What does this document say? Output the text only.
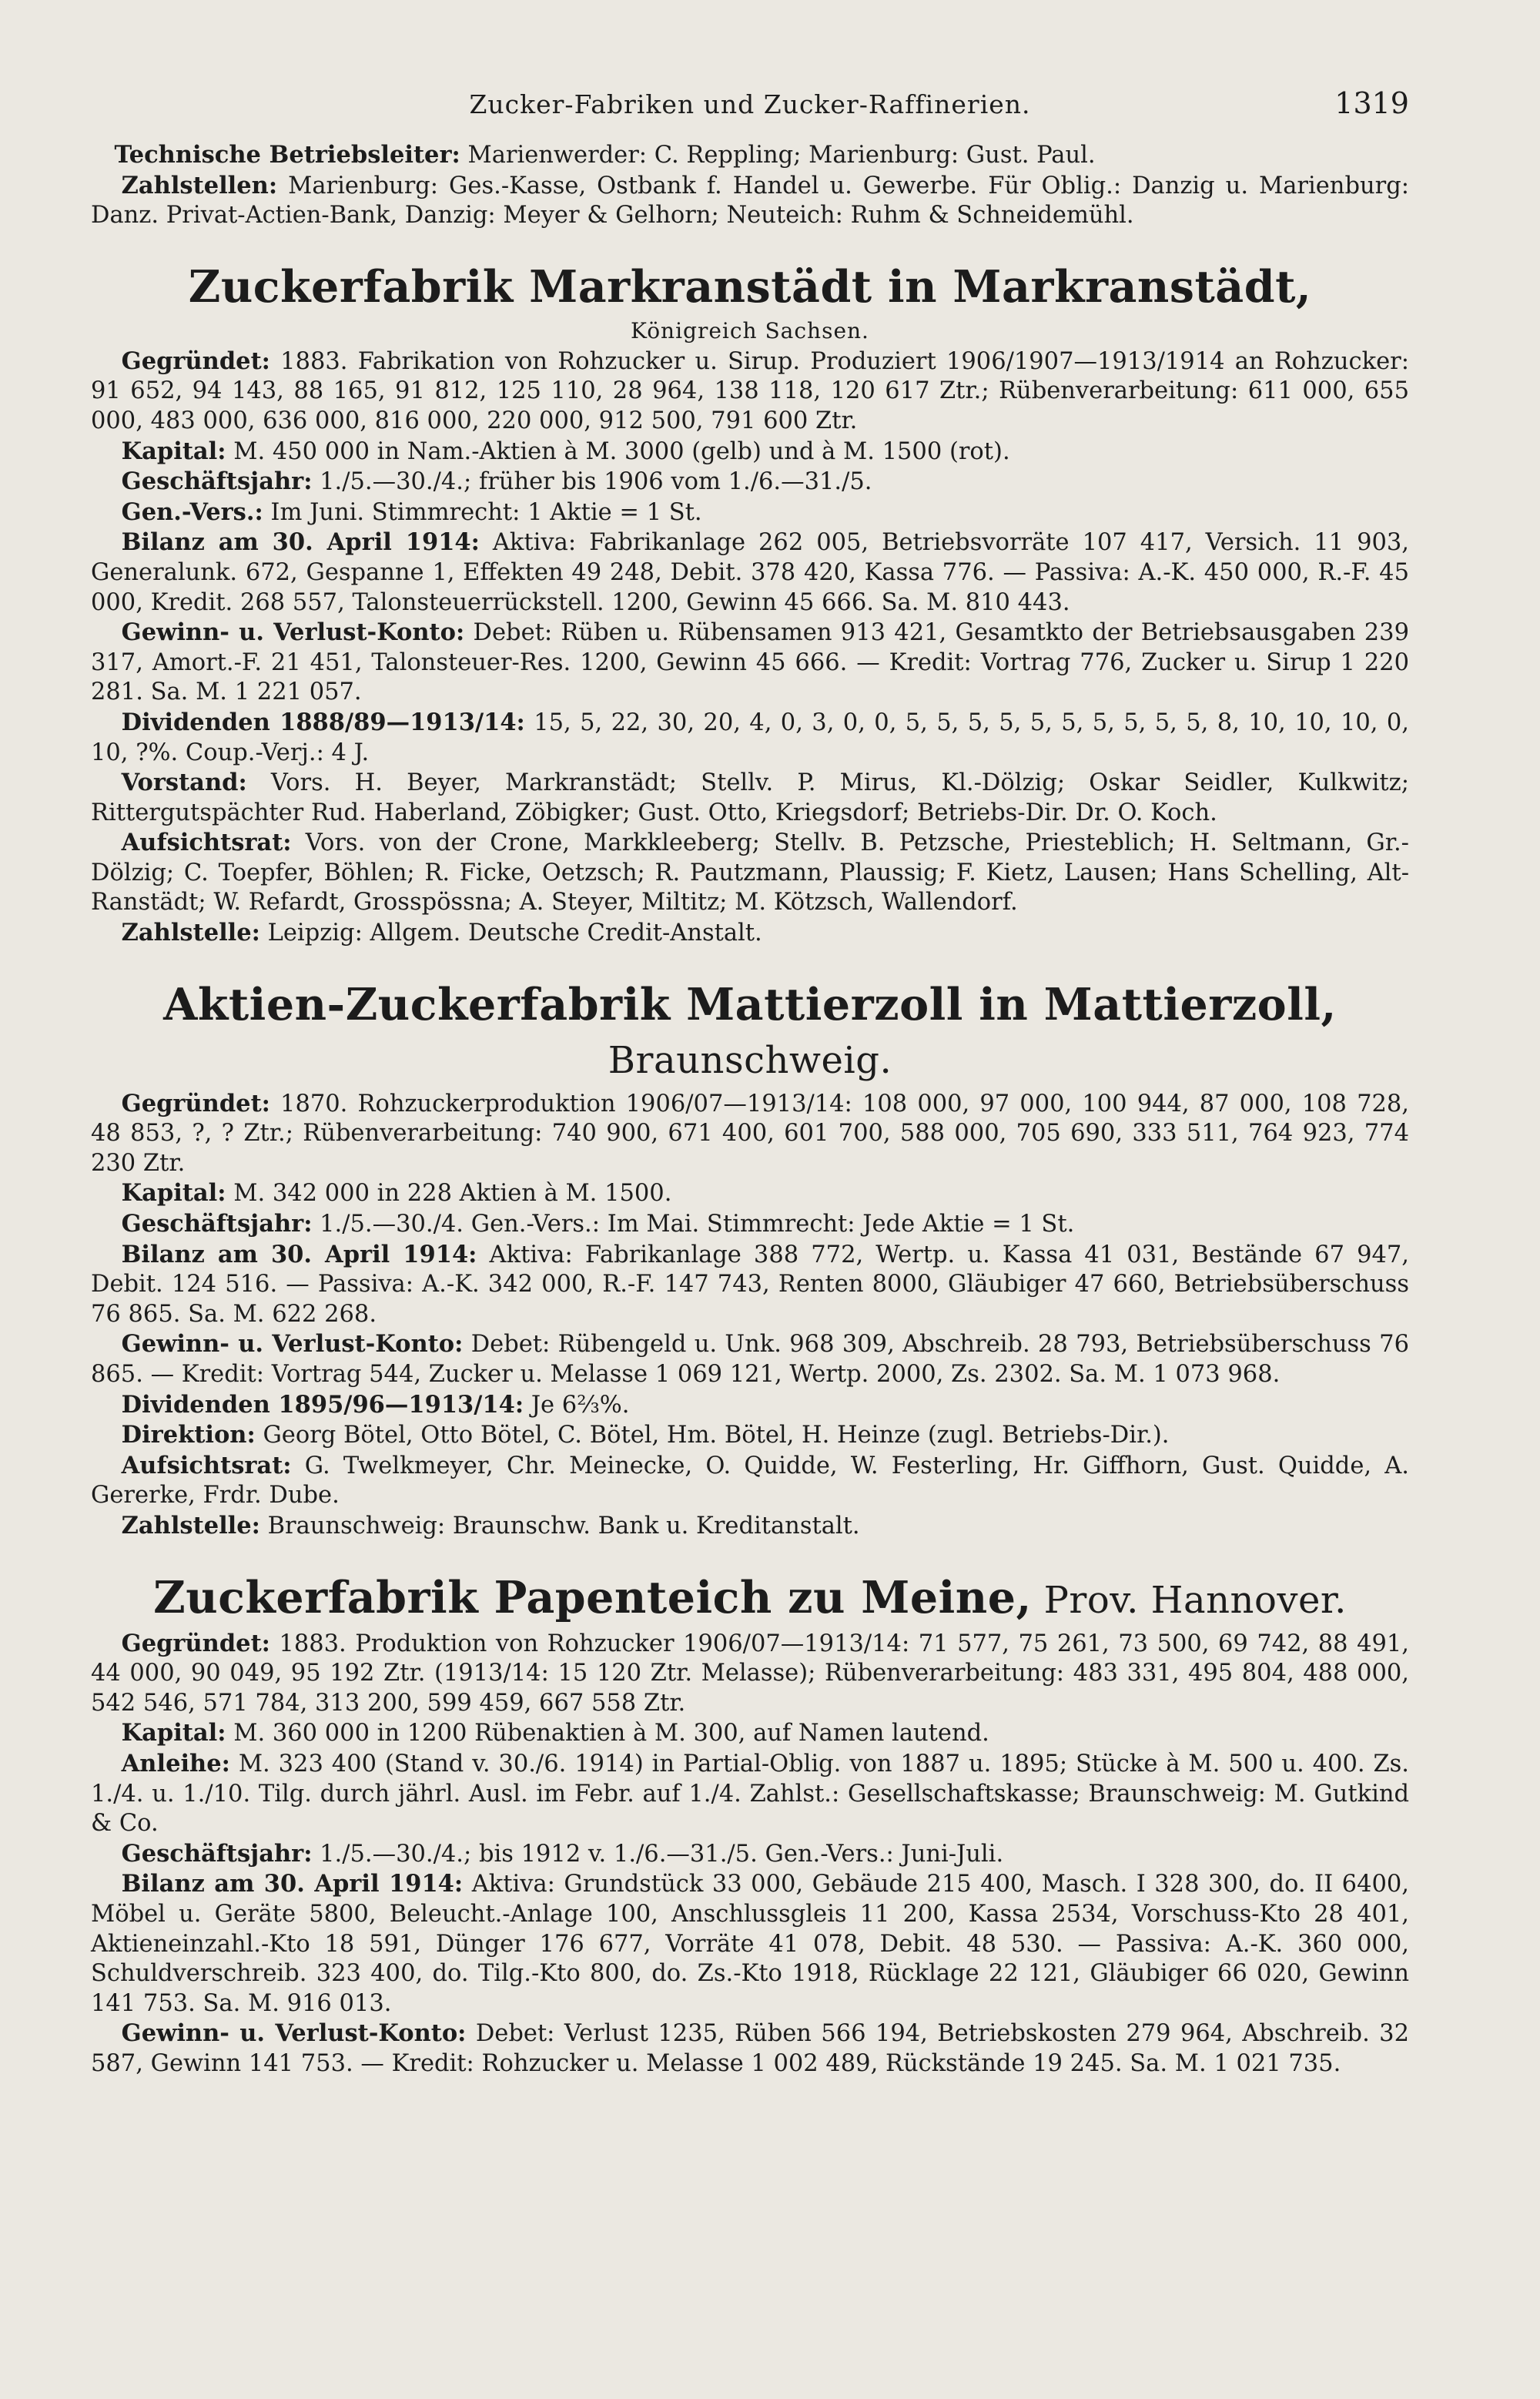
Zucker-Fabriken und Zucker-Raffinerien.	1319

Technische Betriebsleiter: Marienwerder: C. Reppling; Marienburg: Gust. Paul.

Zahlstellen: Marienburg: Ges.-Kasse, Ostbank f. Handel u. Gewerbe. Für Oblig.: Danzig u. Marienburg: Danz. Privat-Actien-Bank, Danzig: Meyer & Gelhorn; Neuteich: Ruhm & Schneidemühl.

Zuckerfabrik Markranstädt in Markranstädt,
Königreich Sachsen.

Gegründet: 1883. Fabrikation von Rohzucker u. Sirup. Produziert 1906/1907—1913/1914 an Rohzucker: 91 652, 94 143, 88 165, 91 812, 125 110, 28 964, 138 118, 120 617 Ztr.; Rübenverarbeitung: 611 000, 655 000, 483 000, 636 000, 816 000, 220 000, 912 500, 791 600 Ztr.

Kapital: M. 450 000 in Nam.-Aktien à M. 3000 (gelb) und à M. 1500 (rot).

Geschäftsjahr: 1./5.—30./4.; früher bis 1906 vom 1./6.—31./5.

Gen.-Vers.: Im Juni. Stimmrecht: 1 Aktie = 1 St.

Bilanz am 30. April 1914: Aktiva: Fabrikanlage 262 005, Betriebsvorräte 107 417, Versich. 11 903, Generalunk. 672, Gespanne 1, Effekten 49 248, Debit. 378 420, Kassa 776. — Passiva: A.-K. 450 000, R.-F. 45 000, Kredit. 268 557, Talonsteuerrückstell. 1200, Gewinn 45 666. Sa. M. 810 443.

Gewinn- u. Verlust-Konto: Debet: Rüben u. Rübensamen 913 421, Gesamtkto der Betriebsausgaben 239 317, Amort.-F. 21 451, Talonsteuer-Res. 1200, Gewinn 45 666. — Kredit: Vortrag 776, Zucker u. Sirup 1 220 281. Sa. M. 1 221 057.

Dividenden 1888/89—1913/14: 15, 5, 22, 30, 20, 4, 0, 3, 0, 0, 5, 5, 5, 5, 5, 5, 5, 5, 5, 5, 8, 10, 10, 10, 0, 10, ?%. Coup.-Verj.: 4 J.

Vorstand: Vors. H. Beyer, Markranstädt; Stellv. P. Mirus, Kl.-Dölzig; Oskar Seidler, Kulkwitz; Rittergutspächter Rud. Haberland, Zöbigker; Gust. Otto, Kriegsdorf; Betriebs-Dir. Dr. O. Koch.

Aufsichtsrat: Vors. von der Crone, Markkleeberg; Stellv. B. Petzsche, Priesteblich; H. Seltmann, Gr.-Dölzig; C. Toepfer, Böhlen; R. Ficke, Oetzsch; R. Pautzmann, Plaussig; F. Kietz, Lausen; Hans Schelling, Alt-Ranstädt; W. Refardt, Grosspössna; A. Steyer, Miltitz; M. Kötzsch, Wallendorf.

Zahlstelle: Leipzig: Allgem. Deutsche Credit-Anstalt.

Aktien-Zuckerfabrik Mattierzoll in Mattierzoll, Braunschweig.

Gegründet: 1870. Rohzuckerproduktion 1906/07—1913/14: 108 000, 97 000, 100 944, 87 000, 108 728, 48 853, ?, ? Ztr.; Rübenverarbeitung: 740 900, 671 400, 601 700, 588 000, 705 690, 333 511, 764 923, 774 230 Ztr.

Kapital: M. 342 000 in 228 Aktien à M. 1500.

Geschäftsjahr: 1./5.—30./4. Gen.-Vers.: Im Mai. Stimmrecht: Jede Aktie = 1 St.

Bilanz am 30. April 1914: Aktiva: Fabrikanlage 388 772, Wertp. u. Kassa 41 031, Bestände 67 947, Debit. 124 516. — Passiva: A.-K. 342 000, R.-F. 147 743, Renten 8000, Gläubiger 47 660, Betriebsüberschuss 76 865. Sa. M. 622 268.

Gewinn- u. Verlust-Konto: Debet: Rübengeld u. Unk. 968 309, Abschreib. 28 793, Betriebsüberschuss 76 865. — Kredit: Vortrag 544, Zucker u. Melasse 1 069 121, Wertp. 2000, Zs. 2302. Sa. M. 1 073 968.

Dividenden 1895/96—1913/14: Je 6⅔%.

Direktion: Georg Bötel, Otto Bötel, C. Bötel, Hm. Bötel, H. Heinze (zugl. Betriebs-Dir.).

Aufsichtsrat: G. Twelkmeyer, Chr. Meinecke, O. Quidde, W. Festerling, Hr. Giffhorn, Gust. Quidde, A. Gererke, Frdr. Dube.

Zahlstelle: Braunschweig: Braunschw. Bank u. Kreditanstalt.

Zuckerfabrik Papenteich zu Meine, Prov. Hannover.

Gegründet: 1883. Produktion von Rohzucker 1906/07—1913/14: 71 577, 75 261, 73 500, 69 742, 88 491, 44 000, 90 049, 95 192 Ztr. (1913/14: 15 120 Ztr. Melasse); Rübenverarbeitung: 483 331, 495 804, 488 000, 542 546, 571 784, 313 200, 599 459, 667 558 Ztr.

Kapital: M. 360 000 in 1200 Rübenaktien à M. 300, auf Namen lautend.

Anleihe: M. 323 400 (Stand v. 30./6. 1914) in Partial-Oblig. von 1887 u. 1895; Stücke à M. 500 u. 400. Zs. 1./4. u. 1./10. Tilg. durch jährl. Ausl. im Febr. auf 1./4. Zahlst.: Gesellschaftskasse; Braunschweig: M. Gutkind & Co.

Geschäftsjahr: 1./5.—30./4.; bis 1912 v. 1./6.—31./5. Gen.-Vers.: Juni-Juli.

Bilanz am 30. April 1914: Aktiva: Grundstück 33 000, Gebäude 215 400, Masch. I 328 300, do. II 6400, Möbel u. Geräte 5800, Beleucht.-Anlage 100, Anschlussgleis 11 200, Kassa 2534, Vorschuss-Kto 28 401, Aktieneinzahl.-Kto 18 591, Dünger 176 677, Vorräte 41 078, Debit. 48 530. — Passiva: A.-K. 360 000, Schuldverschreib. 323 400, do. Tilg.-Kto 800, do. Zs.-Kto 1918, Rücklage 22 121, Gläubiger 66 020, Gewinn 141 753. Sa. M. 916 013.

Gewinn- u. Verlust-Konto: Debet: Verlust 1235, Rüben 566 194, Betriebskosten 279 964, Abschreib. 32 587, Gewinn 141 753. — Kredit: Rohzucker u. Melasse 1 002 489, Rückstände 19 245. Sa. M. 1 021 735.
